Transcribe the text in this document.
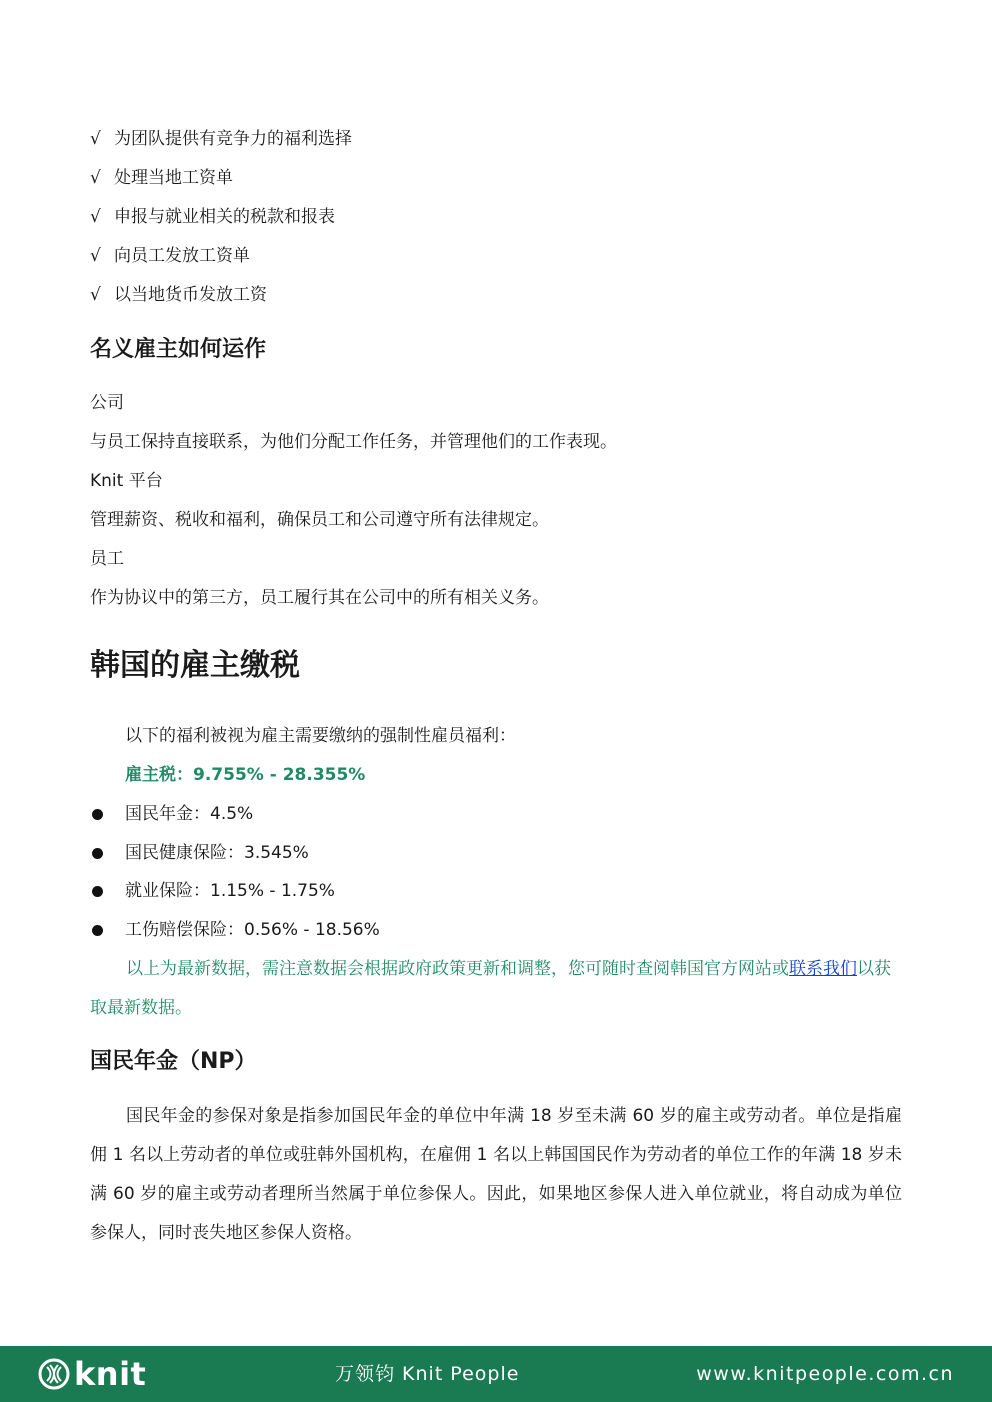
√ 为团队提供有竞争力的福利选择
√ 处理当地工资单
√ 申报与就业相关的税款和报表
√ 向员工发放工资单
√ 以当地货币发放工资
名义雇主如何运作
公司
与员工保持直接联系，为他们分配工作任务，并管理他们的工作表现。
Knit 平台
管理薪资、税收和福利，确保员工和公司遵守所有法律规定。
员工
作为协议中的第三方，员工履行其在公司中的所有相关义务。
韩国的雇主缴税
以下的福利被视为雇主需要缴纳的强制性雇员福利：
雇主税：9.755% - 28.355%
国民年金：4.5%
国民健康保险：3.545%
就业保险：1.15% - 1.75%
工伤赔偿保险：0.56% - 18.56%
以上为最新数据，需注意数据会根据政府政策更新和调整，您可随时查阅韩国官方网站或联系我们以获取最新数据。
国民年金（NP）
国民年金的参保对象是指参加国民年金的单位中年满 18 岁至未满 60 岁的雇主或劳动者。单位是指雇佣 1 名以上劳动者的单位或驻韩外国机构，在雇佣 1 名以上韩国国民作为劳动者的单位工作的年满 18 岁未满 60 岁的雇主或劳动者理所当然属于单位参保人。因此，如果地区参保人进入单位就业，将自动成为单位参保人，同时丧失地区参保人资格。
knit	万领钧 Knit People	www.knitpeople.com.cn
